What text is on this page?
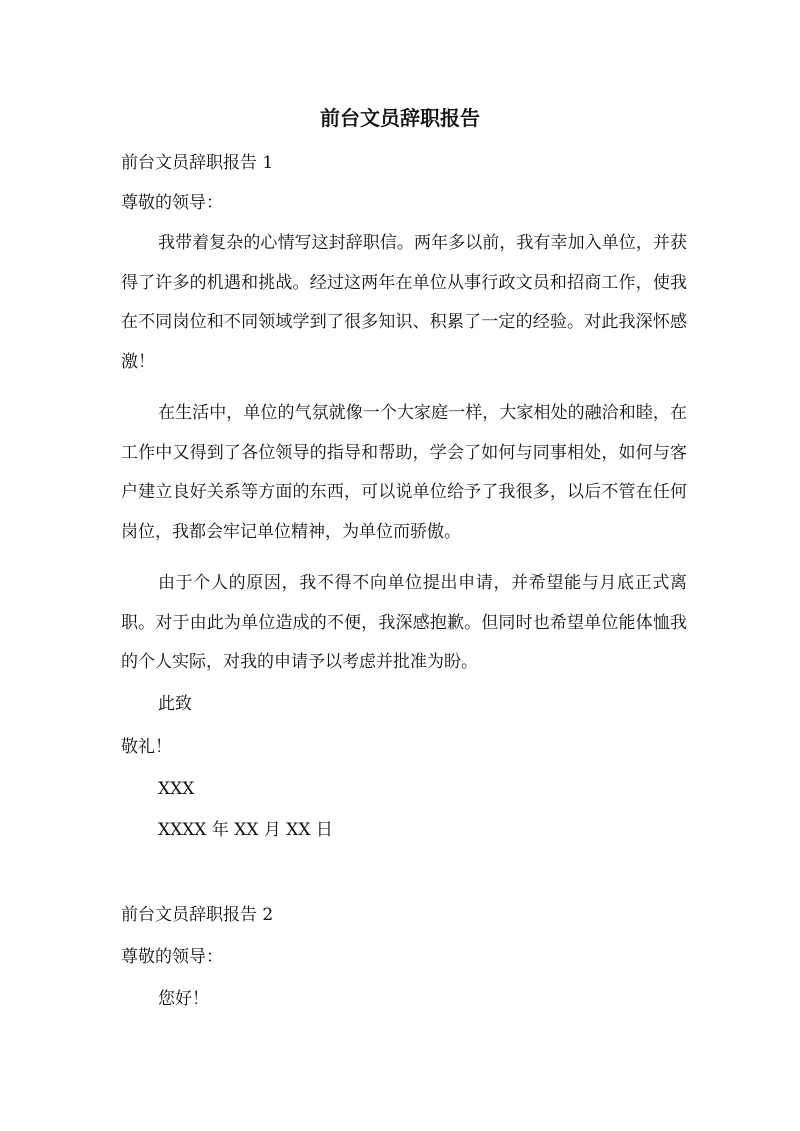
前台文员辞职报告
前台文员辞职报告 1
尊敬的领导：

我带着复杂的心情写这封辞职信。两年多以前，我有幸加入单位，并获得了许多的机遇和挑战。经过这两年在单位从事行政文员和招商工作，使我在不同岗位和不同领域学到了很多知识、积累了一定的经验。对此我深怀感激！

在生活中，单位的气氛就像一个大家庭一样，大家相处的融洽和睦，在工作中又得到了各位领导的指导和帮助，学会了如何与同事相处，如何与客户建立良好关系等方面的东西，可以说单位给予了我很多，以后不管在任何岗位，我都会牢记单位精神，为单位而骄傲。

由于个人的原因，我不得不向单位提出申请，并希望能与月底正式离职。对于由此为单位造成的不便，我深感抱歉。但同时也希望单位能体恤我的个人实际，对我的申请予以考虑并批准为盼。

此致
敬礼！
XXX
XXXX 年 XX 月 XX 日
前台文员辞职报告 2
尊敬的领导：
您好！
